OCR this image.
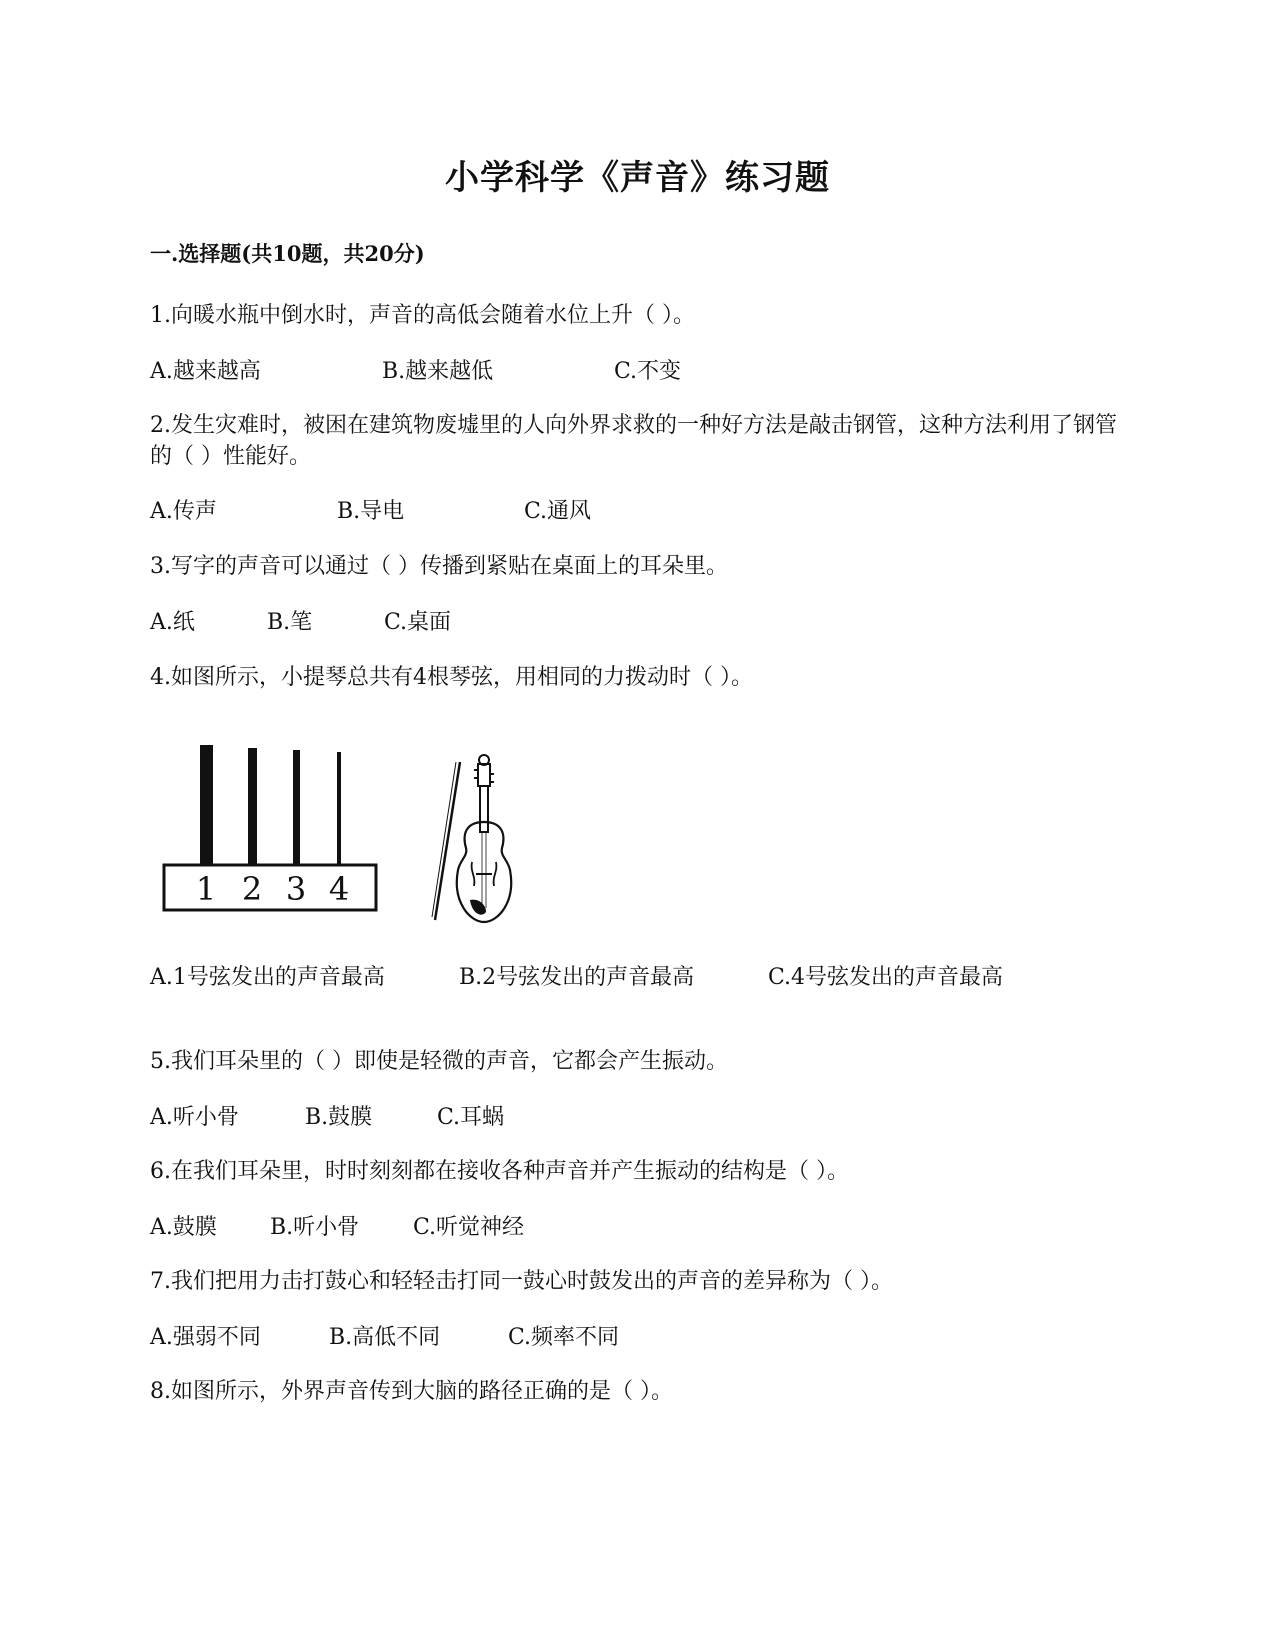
小学科学《声音》练习题
一.选择题(共10题，共20分)

1.向暖水瓶中倒水时，声音的高低会随着水位上升（ ）。

A.越来越高	B.越来越低	C.不变

2.发生灾难时，被困在建筑物废墟里的人向外界求救的一种好方法是敲击钢管，这种方法利用了钢管的（ ）性能好。

A.传声	B.导电	C.通风

3.写字的声音可以通过（ ）传播到紧贴在桌面上的耳朵里。

A.纸	B.笔	C.桌面

4.如图所示，小提琴总共有4根琴弦，用相同的力拨动时（ ）。

1 2 3 4
A.1号弦发出的声音最高	B.2号弦发出的声音最高	C.4号弦发出的声音最高

5.我们耳朵里的（ ）即使是轻微的声音，它都会产生振动。

A.听小骨	B.鼓膜	C.耳蜗

6.在我们耳朵里，时时刻刻都在接收各种声音并产生振动的结构是（ ）。

A.鼓膜 B.听小骨 C.听觉神经

7.我们把用力击打鼓心和轻轻击打同一鼓心时鼓发出的声音的差异称为（ ）。

A.强弱不同	B.高低不同	C.频率不同

8.如图所示，外界声音传到大脑的路径正确的是（ ）。
